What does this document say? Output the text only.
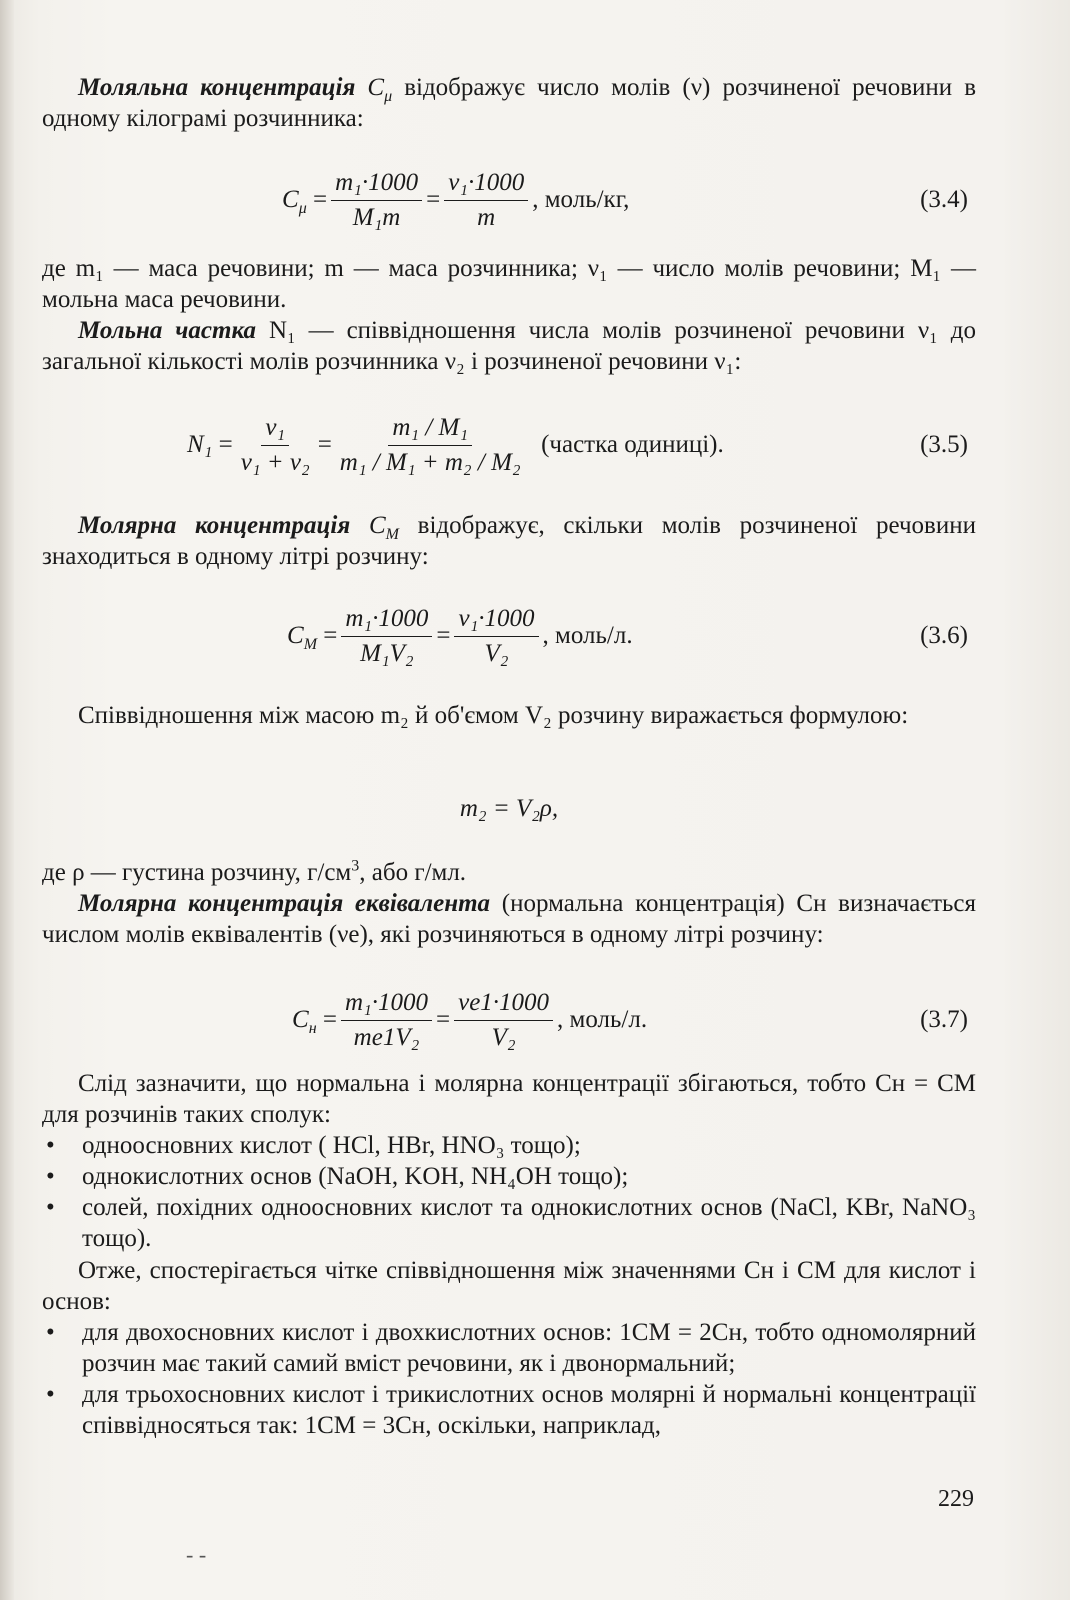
Моляльна концентрація $C_\mu$ відображує число молів (ν) розчиненої речовини в одному кілограмі розчинника:
$C_\mu = \frac{\text{m₁·1000}}{\text{M₁m}} = \frac{\text{ν₁·1000}}{m}$ , моль/кг,	(3.4)
де m₁ — маса речовини; m — маса розчинника; ν₁ — число молів речовини; M₁ — мольна маса речовини.
Мольна частка N₁ — співвідношення числа молів розчиненої речовини ν₁ до загальної кількості молів розчинника ν₂ і розчиненої речовини ν₁:
$N_1 = \frac{\text{ν₁}}{\text{ν₁ + ν₂}} = \frac{\text{m₁ / M₁}}{\text{m₁ / M₁ + m₂ / M₂}}$
(частка одиниці).	(3.5)
Молярна концентрація $C_M$ відображує, скільки молів розчиненої речовини знаходиться в одному літрі розчину:
$C_M = \frac{\text{m₁·1000}}{\text{M₁V₂}} = \frac{\text{ν₁·1000}}{\text{V₂}}$ , моль/л.	(3.6)
Співвідношення між масою m₂ й об'ємом V₂ розчину виражається формулою:
m₂ = V₂ρ,
де ρ — густина розчину, $г/см^3$, або г/мл.
Молярна концентрація еквівалента (нормальна концентрація) Cн визначається числом молів еквівалентів (νe), які розчиняються в одному літрі розчину:
$C_н = \frac{\text{m₁·1000}}{\text{me1V₂}} = \frac{\nu e1\cdot 1000}{\text{V₂}}$ , моль/л.	(3.7)
Слід зазначити, що нормальна і молярна концентрації збігаються, тобто Cн = CM для розчинів таких сполук:
• одноосновних кислот ( HCl, HBr, HNO₃ тощо);
• однокислотних основ (NaOH, KOH, NH₄OH тощо);
• солей, похідних одноосновних кислот та однокислотних основ (NaCl, KBr, NaNO₃ тощо).
Отже, спостерігається чітке співвідношення між значеннями Cн і CM для кислот і основ:
• для двохосновних кислот і двохкислотних основ: 1CM = 2Cн, тобто одномолярний розчин має такий самий вміст речовини, як і двонормальний;
• для трьохосновних кислот і трикислотних основ молярні й нормальні концентрації співвідносяться так: 1CM = 3Cн, оскільки, наприклад,
229
- -
